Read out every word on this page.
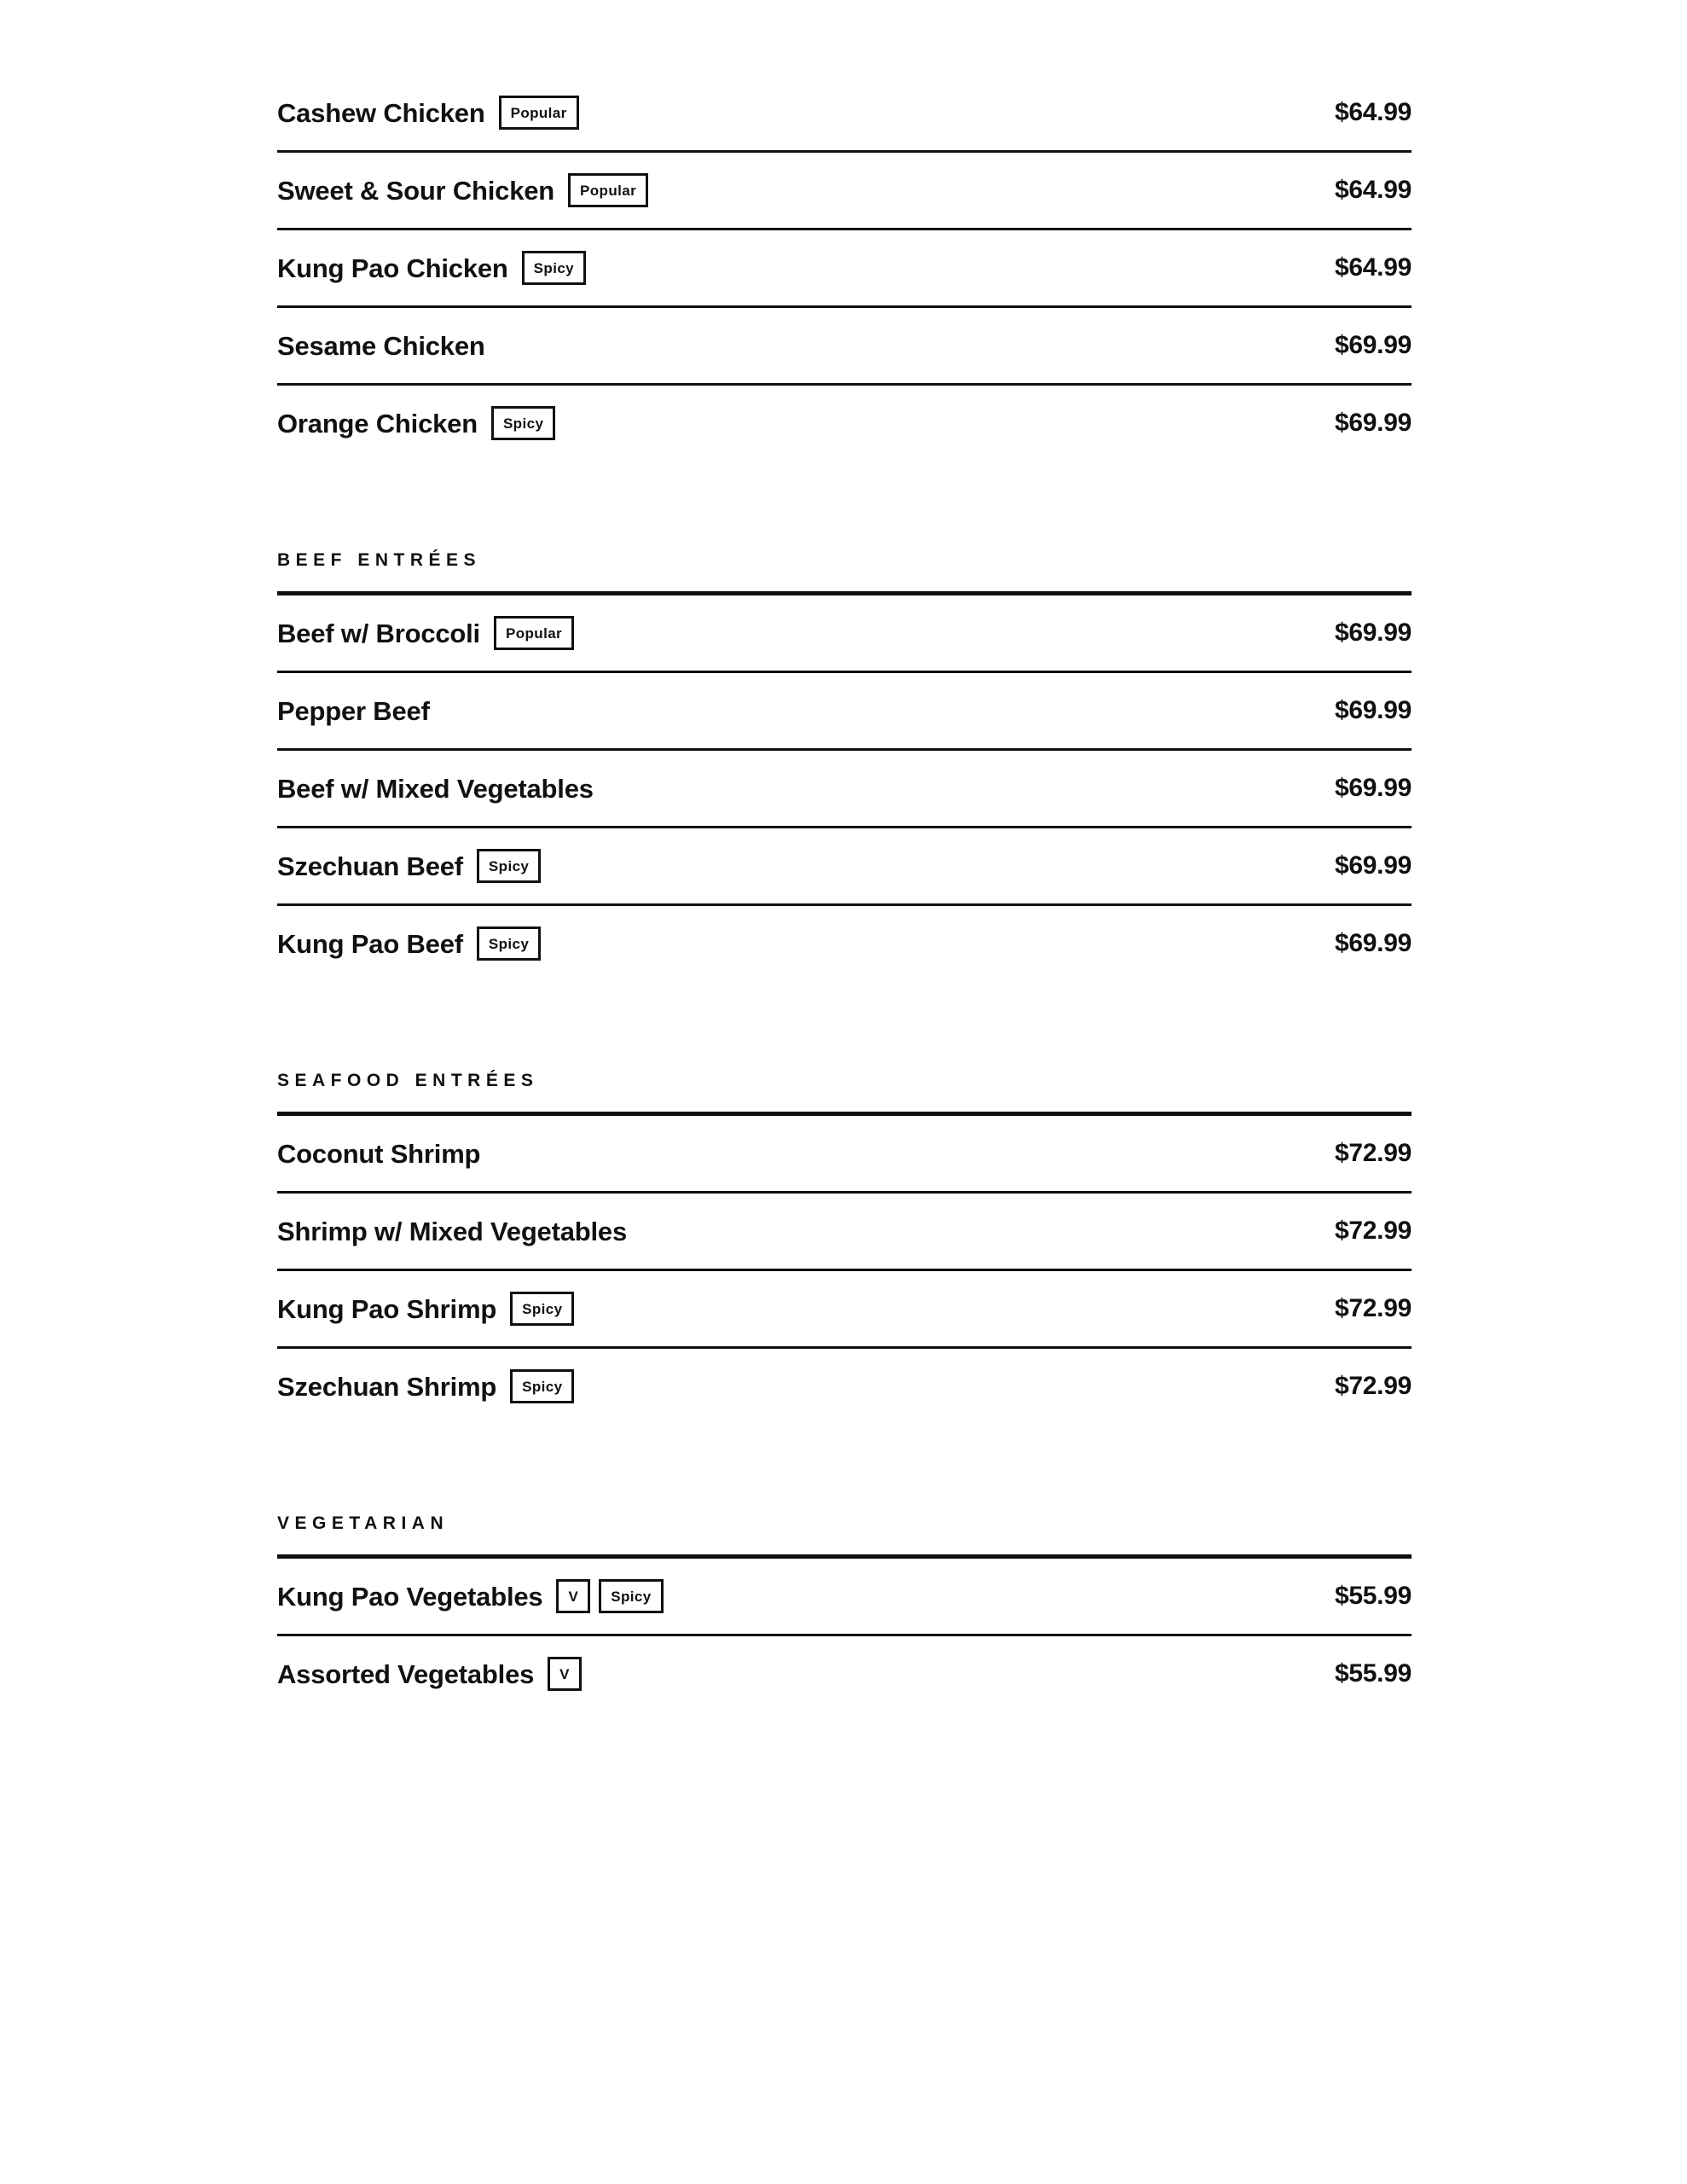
Cashew Chicken	Popular	$64.99
Sweet & Sour Chicken	Popular	$64.99
Kung Pao Chicken	Spicy	$64.99
Sesame Chicken	$69.99
Orange Chicken	Spicy	$69.99
BEEF ENTRÉES
Beef w/ Broccoli	Popular	$69.99
Pepper Beef	$69.99
Beef w/ Mixed Vegetables	$69.99
Szechuan Beef	Spicy	$69.99
Kung Pao Beef	Spicy	$69.99
SEAFOOD ENTRÉES
Coconut Shrimp	$72.99
Shrimp w/ Mixed Vegetables	$72.99
Kung Pao Shrimp	Spicy	$72.99
Szechuan Shrimp	Spicy	$72.99
VEGETARIAN
Kung Pao Vegetables	V	Spicy	$55.99
Assorted Vegetables	V	$55.99
